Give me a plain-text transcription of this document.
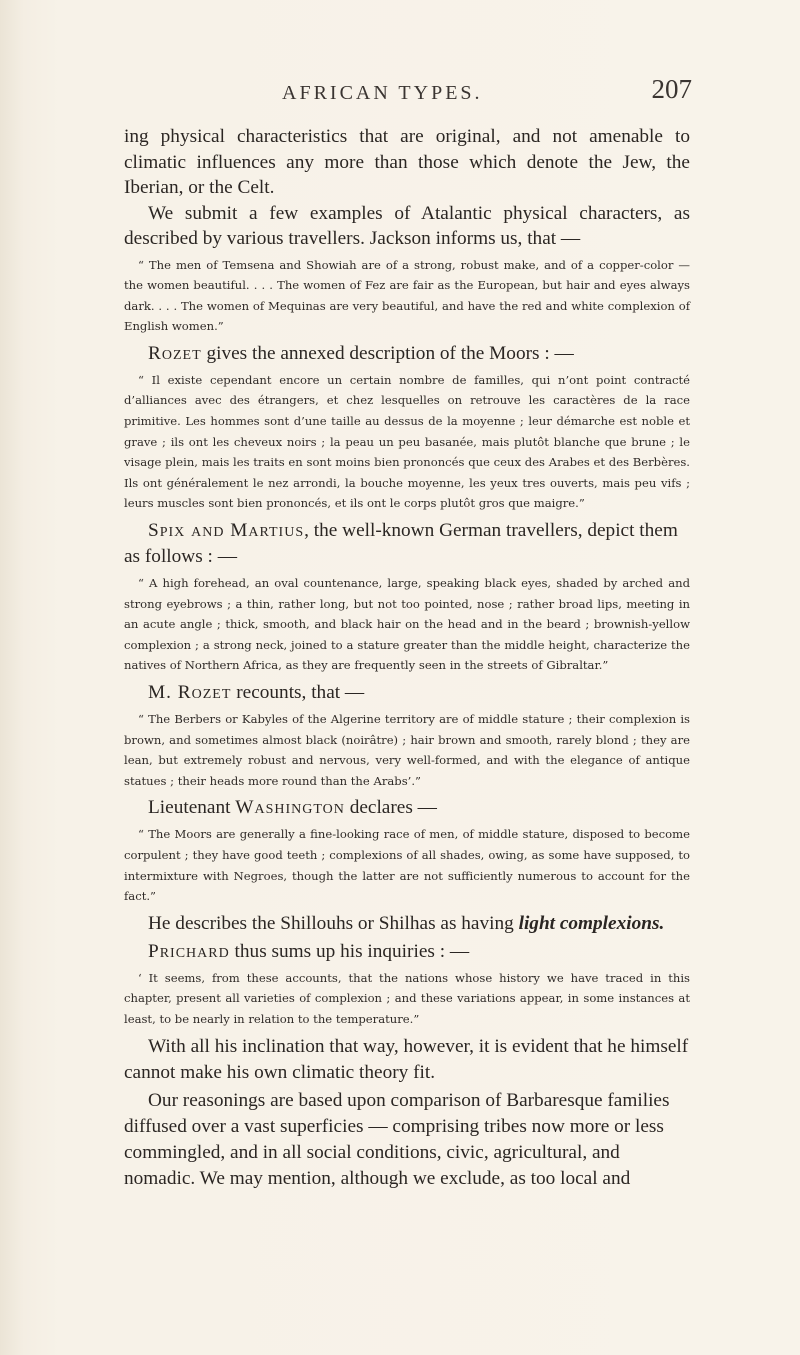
AFRICAN TYPES.	207

ing physical characteristics that are original, and not amenable to climatic influences any more than those which denote the Jew, the Iberian, or the Celt.

We submit a few examples of Atalantic physical characters, as described by various travellers. Jackson informs us, that —

“ The men of Temsena and Showiah are of a strong, robust make, and of a copper-color — the women beautiful. . . . The women of Fez are fair as the European, but hair and eyes always dark. . . . The women of Mequinas are very beautiful, and have the red and white complexion of English women.”

Rozet gives the annexed description of the Moors : —

“ Il existe cependant encore un certain nombre de familles, qui n’ont point contracté d’alliances avec des étrangers, et chez lesquelles on retrouve les caractères de la race primitive. Les hommes sont d’une taille au dessus de la moyenne ; leur démarche est noble et grave ; ils ont les cheveux noirs ; la peau un peu basanée, mais plutôt blanche que brune ; le visage plein, mais les traits en sont moins bien prononcés que ceux des Arabes et des Berbères. Ils ont généralement le nez arrondi, la bouche moyenne, les yeux tres ouverts, mais peu vifs ; leurs muscles sont bien prononcés, et ils ont le corps plutôt gros que maigre.”

Spix and Martius, the well-known German travellers, depict them as follows : —

“ A high forehead, an oval countenance, large, speaking black eyes, shaded by arched and strong eyebrows ; a thin, rather long, but not too pointed, nose ; rather broad lips, meeting in an acute angle ; thick, smooth, and black hair on the head and in the beard ; brownish-yellow complexion ; a strong neck, joined to a stature greater than the middle height, characterize the natives of Northern Africa, as they are frequently seen in the streets of Gibraltar.”

M. Rozet recounts, that —

“ The Berbers or Kabyles of the Algerine territory are of middle stature ; their complexion is brown, and sometimes almost black (noirâtre) ; hair brown and smooth, rarely blond ; they are lean, but extremely robust and nervous, very well-formed, and with the elegance of antique statues ; their heads more round than the Arabs’.”

Lieutenant Washington declares —

“ The Moors are generally a fine-looking race of men, of middle stature, disposed to become corpulent ; they have good teeth ; complexions of all shades, owing, as some have supposed, to intermixture with Negroes, though the latter are not sufficiently numerous to account for the fact.”

He describes the Shillouhs or Shilhas as having light complexions.

Prichard thus sums up his inquiries : —

‘ It seems, from these accounts, that the nations whose history we have traced in this chapter, present all varieties of complexion ; and these variations appear, in some instances at least, to be nearly in relation to the temperature.”

With all his inclination that way, however, it is evident that he himself cannot make his own climatic theory fit.

Our reasonings are based upon comparison of Barbaresque families diffused over a vast superficies — comprising tribes now more or less commingled, and in all social conditions, civic, agricultural, and nomadic. We may mention, although we exclude, as too local and
